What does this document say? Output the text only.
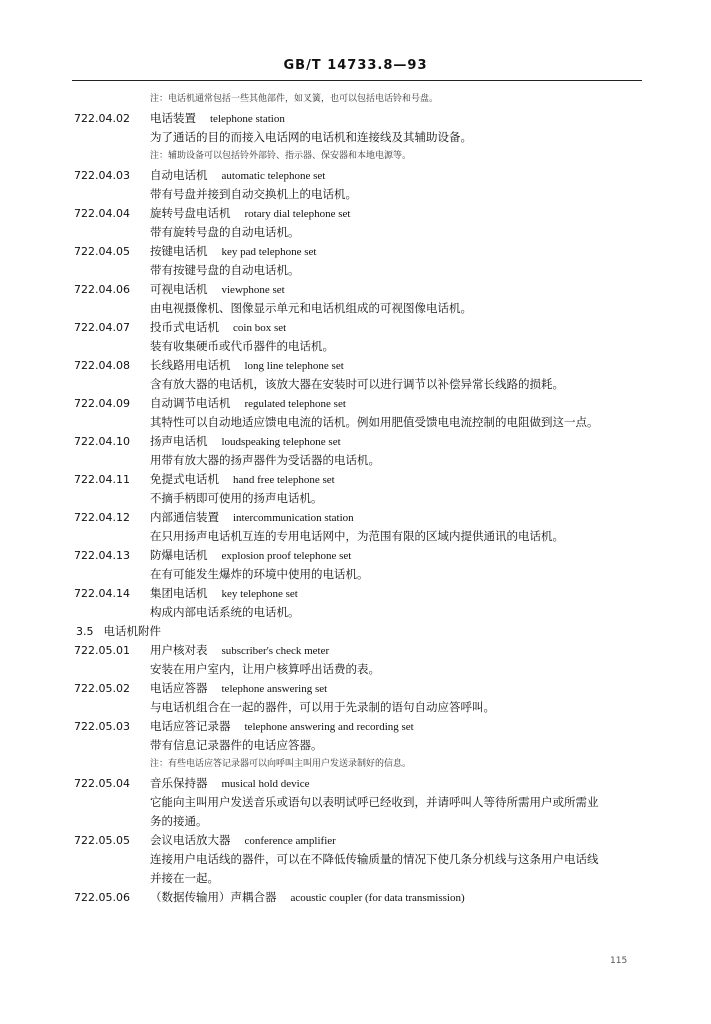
GB/T 14733.8—93
注：电话机通常包括一些其他部件，如叉簧，也可以包括电话铃和号盘。
722.04.02	电话装置 telephone station
为了通话的目的而接入电话网的电话机和连接线及其辅助设备。
注：辅助设备可以包括铃外部铃、指示器、保安器和本地电源等。
722.04.03	自动电话机 automatic telephone set
带有号盘并接到自动交换机上的电话机。
722.04.04	旋转号盘电话机 rotary dial telephone set
带有旋转号盘的自动电话机。
722.04.05	按键电话机 key pad telephone set
带有按键号盘的自动电话机。
722.04.06	可视电话机 viewphone set
由电视摄像机、图像显示单元和电话机组成的可视图像电话机。
722.04.07	投币式电话机 coin box set
装有收集硬币或代币器件的电话机。
722.04.08	长线路用电话机 long line telephone set
含有放大器的电话机，该放大器在安装时可以进行调节以补偿异常长线路的损耗。
722.04.09	自动调节电话机 regulated telephone set
其特性可以自动地适应馈电电流的话机。例如用肥值受馈电电流控制的电阻做到这一点。
722.04.10	扬声电话机 loudspeaking telephone set
用带有放大器的扬声器件为受话器的电话机。
722.04.11	免提式电话机 hand free telephone set
不摘手柄即可使用的扬声电话机。
722.04.12	内部通信装置 intercommunication station
在只用扬声电话机互连的专用电话网中，为范围有限的区域内提供通讯的电话机。
722.04.13	防爆电话机 explosion proof telephone set
在有可能发生爆炸的环境中使用的电话机。
722.04.14	集团电话机 key telephone set
构成内部电话系统的电话机。
3.5 电话机附件
722.05.01	用户核对表 subscriber's check meter
安装在用户室内，让用户核算呼出话费的表。
722.05.02	电话应答器 telephone answering set
与电话机组合在一起的器件，可以用于先录制的语句自动应答呼叫。
722.05.03	电话应答记录器 telephone answering and recording set
带有信息记录器件的电话应答器。
注：有些电话应答记录器可以向呼叫主叫用户发送录制好的信息。
722.05.04	音乐保持器 musical hold device
它能向主叫用户发送音乐或语句以表明试呼已经收到，并请呼叫人等待所需用户或所需业
务的接通。
722.05.05	会议电话放大器 conference amplifier
连接用户电话线的器件，可以在不降低传输质量的情况下使几条分机线与这条用户电话线
并接在一起。
722.05.06	（数据传输用）声耦合器 acoustic coupler (for data transmission)
115
